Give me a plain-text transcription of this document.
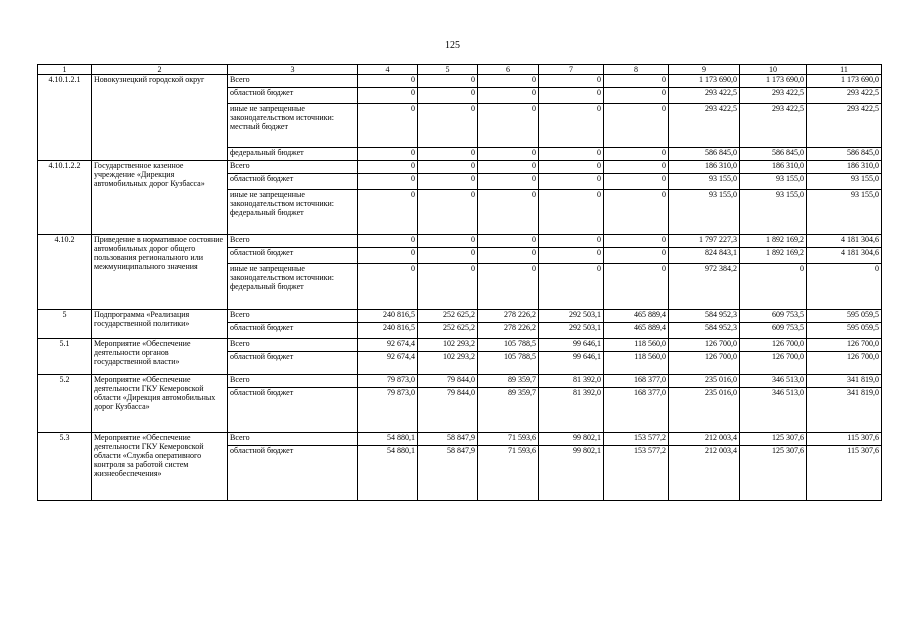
125
1	2	3	4	5	6	7	8	9	10	11
4.10.1.2.1	Новокузнецкий городской округ	Всего	0	0	0	0	0	1 173 690,0	1 173 690,0	1 173 690,0
		областной бюджет	0	0	0	0	0	293 422,5	293 422,5	293 422,5

		иные не запрещенные законодательством источники:
местный бюджет	0	0	0	0	0	293 422,5	293 422,5	293 422,5
		федеральный бюджет	0	0	0	0	0	586 845,0	586 845,0	586 845,0
4.10.1.2.2	Государственное казенное учреждение «Дирекция автомобильных дорог Кузбасса»	Всего	0	0	0	0	0	186 310,0	186 310,0	186 310,0
		областной бюджет	0	0	0	0	0	93 155,0	93 155,0	93 155,0

		иные не запрещенные законодательством источники:
федеральный бюджет	0	0	0	0	0	93 155,0	93 155,0	93 155,0
4.10.2	Приведение в нормативное состояние автомобильных дорог общего пользования регионального или межмуниципального значения	Всего	0	0	0	0	0	1 797 227,3	1 892 169,2	4 181 304,6
		областной бюджет	0	0	0	0	0	824 843,1	1 892 169,2	4 181 304,6

		иные не запрещенные законодательством источники:
федеральный бюджет	0	0	0	0	0	972 384,2	0	0
5	Подпрограмма «Реализация государственной политики»	Всего	240 816,5	252 625,2	278 226,2	292 503,1	465 889,4	584 952,3	609 753,5	595 059,5
		областной бюджет	240 816,5	252 625,2	278 226,2	292 503,1	465 889,4	584 952,3	609 753,5	595 059,5
5.1	Мероприятие «Обеспечение деятельности органов государственной власти»	Всего	92 674,4	102 293,2	105 788,5	99 646,1	118 560,0	126 700,0	126 700,0	126 700,0
		областной бюджет	92 674,4	102 293,2	105 788,5	99 646,1	118 560,0	126 700,0	126 700,0	126 700,0
5.2	Мероприятие «Обеспечение деятельности ГКУ Кемеровской области «Дирекция автомобильных дорог Кузбасса»	Всего	79 873,0	79 844,0	89 359,7	81 392,0	168 377,0	235 016,0	346 513,0	341 819,0
		областной бюджет	79 873,0	79 844,0	89 359,7	81 392,0	168 377,0	235 016,0	346 513,0	341 819,0
5.3	Мероприятие «Обеспечение деятельности ГКУ Кемеровской области «Служба оперативного контроля за работой систем жизнеобеспечения»	Всего	54 880,1	58 847,9	71 593,6	99 802,1	153 577,2	212 003,4	125 307,6	115 307,6
		областной бюджет	54 880,1	58 847,9	71 593,6	99 802,1	153 577,2	212 003,4	125 307,6	115 307,6
